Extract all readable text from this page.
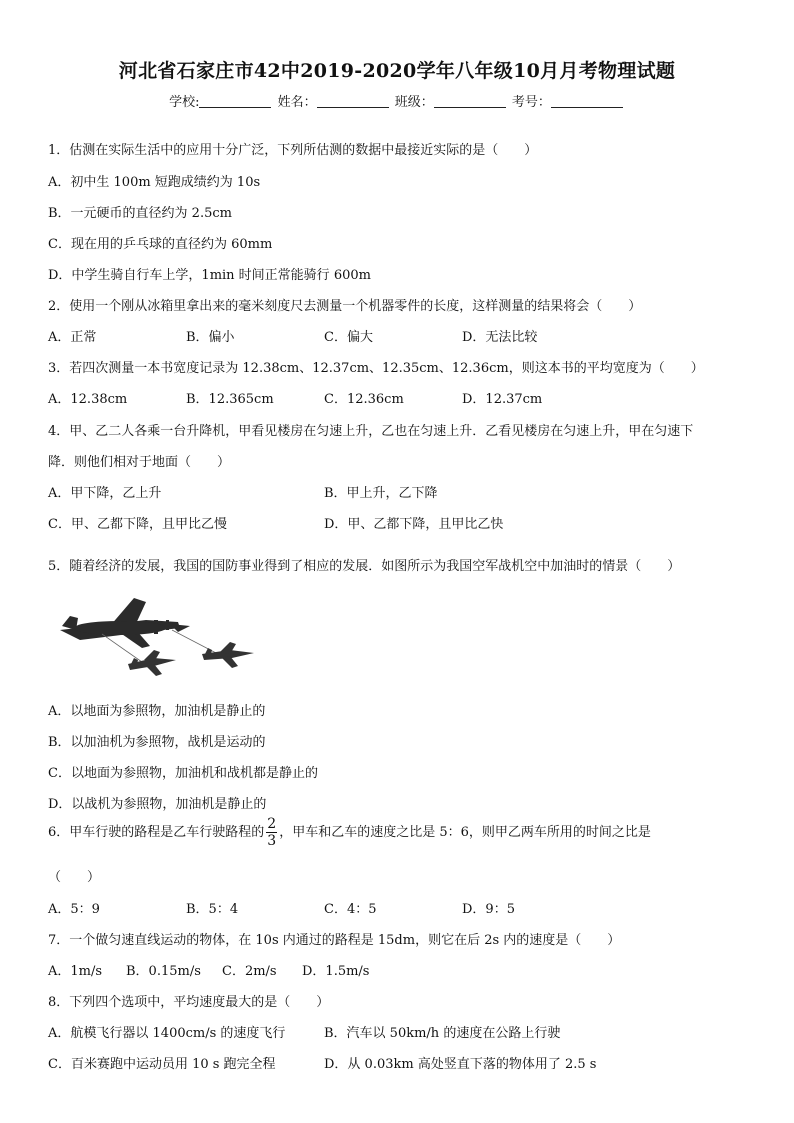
河北省石家庄市42中2019-2020学年八年级10月月考物理试题
学校:	姓名：	班级：	考号：
1．估测在实际生活中的应用十分广泛，下列所估测的数据中最接近实际的是（　　）
A．初中生 100m 短跑成绩约为 10s
B．一元硬币的直径约为 2.5cm
C．现在用的乒乓球的直径约为 60mm
D．中学生骑自行车上学，1min 时间正常能骑行 600m
2．使用一个刚从冰箱里拿出来的毫米刻度尺去测量一个机器零件的长度，这样测量的结果将会（　　）
A．正常	B．偏小	C．偏大	D．无法比较
3．若四次测量一本书宽度记录为 12.38cm、12.37cm、12.35cm、12.36cm，则这本书的平均宽度为（　　）
A．12.38cm	B．12.365cm	C．12.36cm	D．12.37cm
4．甲、乙二人各乘一台升降机，甲看见楼房在匀速上升，乙也在匀速上升．乙看见楼房在匀速上升，甲在匀速下
降．则他们相对于地面（　　）
A．甲下降，乙上升	B．甲上升，乙下降
C．甲、乙都下降，且甲比乙慢	D．甲、乙都下降，且甲比乙快
5．随着经济的发展，我国的国防事业得到了相应的发展．如图所示为我国空军战机空中加油时的情景（　　）
A．以地面为参照物，加油机是静止的
B．以加油机为参照物，战机是运动的
C．以地面为参照物，加油机和战机都是静止的
D．以战机为参照物，加油机是静止的
6．甲车行驶的路程是乙车行驶路程的 $\frac{2}{3}$ ，甲车和乙车的速度之比是 5：6，则甲乙两车所用的时间之比是
（　　）
A．5：9	B．5：4	C．4：5	D．9：5
7．一个做匀速直线运动的物体，在 10s 内通过的路程是 15dm，则它在后 2s 内的速度是（　　）
A．1m/s B．0.15m/s C．2m/s D．1.5m/s
8．下列四个选项中，平均速度最大的是（　　）
A．航模飞行器以 1400cm/s 的速度飞行	B．汽车以 50km/h 的速度在公路上行驶
C．百米赛跑中运动员用 10 s 跑完全程	D．从 0.03km 高处竖直下落的物体用了 2.5 s
